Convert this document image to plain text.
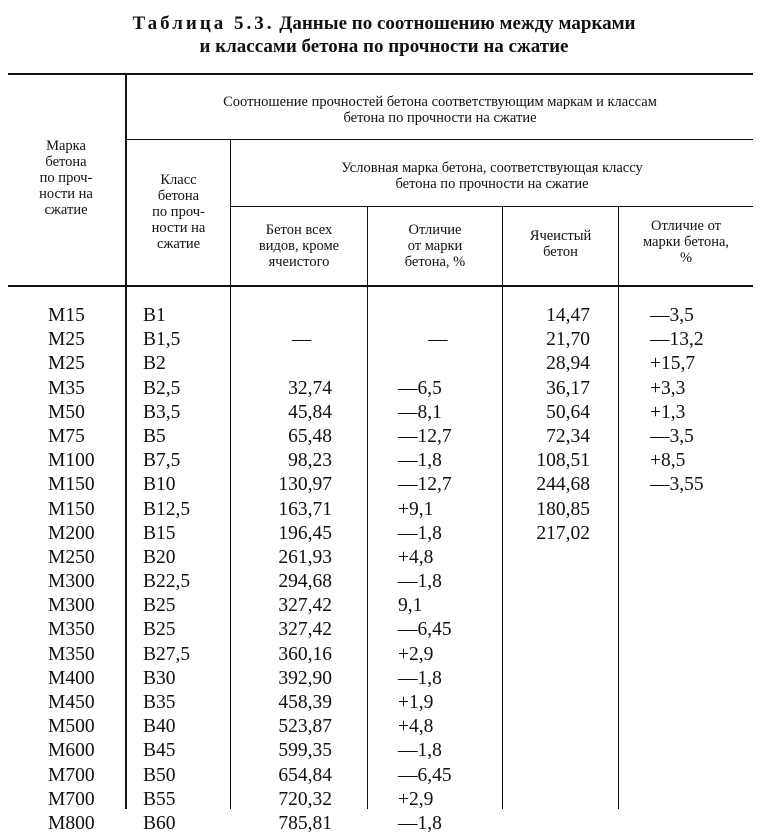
Таблица 5.3. Данные по соотношению между марками
и классами бетона по прочности на сжатие
Марка
бетона
по проч-
ности на
сжатие
Соотношение прочностей бетона соответствующим маркам и классам
бетона по прочности на сжатие
Класс
бетона
по проч-
ности на
сжатие
Условная марка бетона, соответствующая классу
бетона по прочности на сжатие
Бетон всех
видов, кроме
ячеистого
Отличие
от марки
бетона, %
Ячеистый
бетон
Отличие от
марки бетона,
%
M15
M25
M25
M35
M50
M75
M100
M150
M150
M200
M250
M300
M300
M350
M350
M400
M450
M500
M600
M700
M700
M800
B1
B1,5
B2
B2,5
B3,5
B5
B7,5
B10
B12,5
B15
B20
B22,5
B25
B25
B27,5
B30
B35
B40
B45
B50
B55
B60
—
32,74
45,84
65,48
98,23
130,97
163,71
196,45
261,93
294,68
327,42
327,42
360,16
392,90
458,39
523,87
599,35
654,84
720,32
785,81
—
—6,5
—8,1
—12,7
—1,8
—12,7
+9,1
—1,8
+4,8
—1,8
9,1
—6,45
+2,9
—1,8
+1,9
+4,8
—1,8
—6,45
+2,9
—1,8
14,47
21,70
28,94
36,17
50,64
72,34
108,51
244,68
180,85
217,02
—3,5
—13,2
+15,7
+3,3
+1,3
—3,5
+8,5
—3,55
